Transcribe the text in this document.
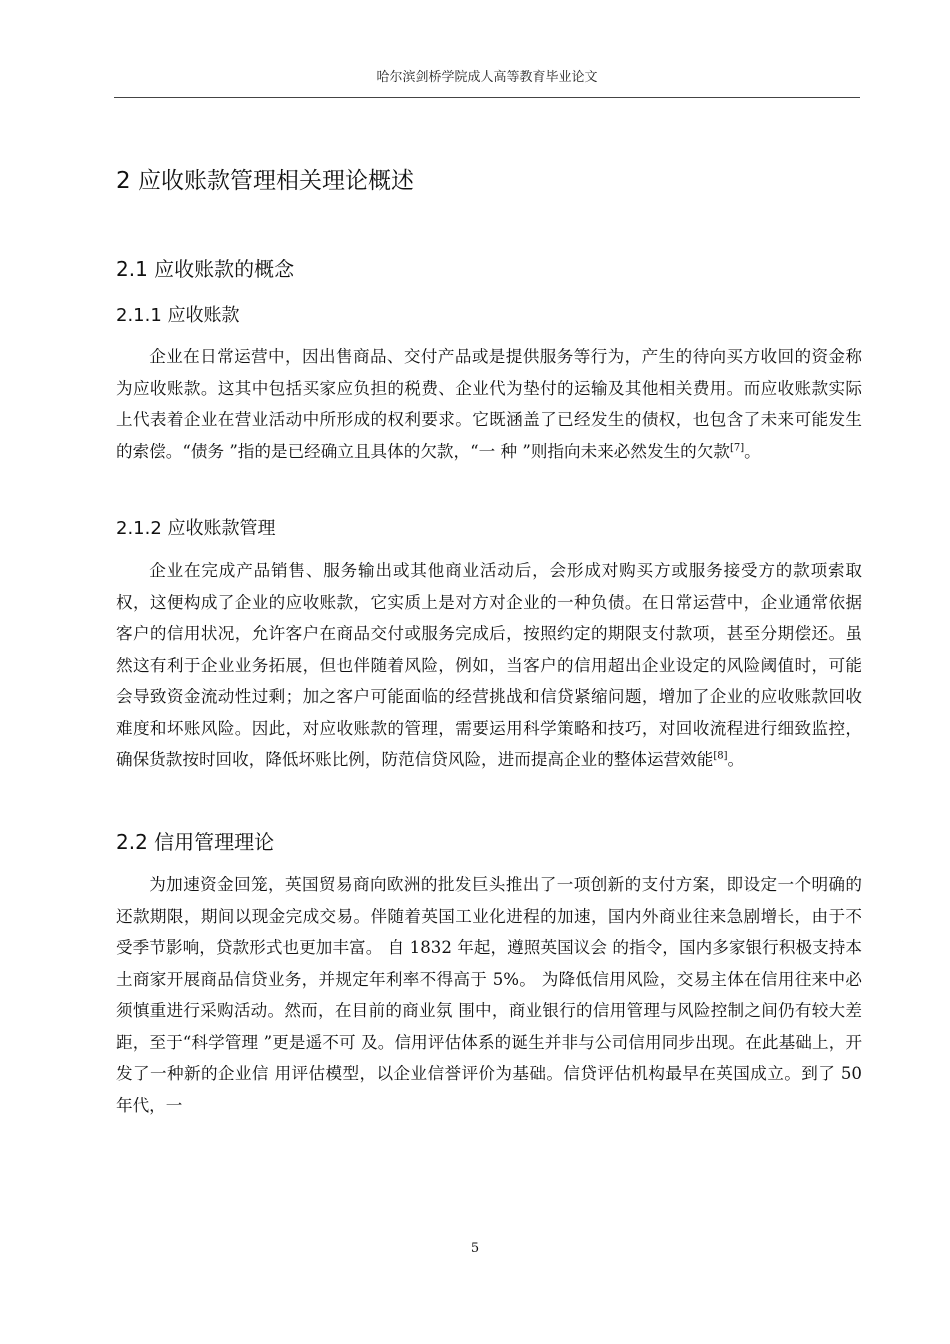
哈尔滨剑桥学院成人高等教育毕业论文
2 应收账款管理相关理论概述
2.1 应收账款的概念
2.1.1 应收账款

企业在日常运营中，因出售商品、交付产品或是提供服务等行为，产生的待向买方收回的资金称为应收账款。这其中包括买家应负担的税费、企业代为垫付的运输及其他相关费用。而应收账款实际上代表着企业在营业活动中所形成的权利要求。它既涵盖了已经发生的债权，也包含了未来可能发生的索偿。“债务 ”指的是已经确立且具体的欠款，“一 种 ”则指向未来必然发生的欠款[7]。

2.1.2 应收账款管理

企业在完成产品销售、服务输出或其他商业活动后，会形成对购买方或服务接受方的款项索取权，这便构成了企业的应收账款，它实质上是对方对企业的一种负债。在日常运营中，企业通常依据客户的信用状况，允许客户在商品交付或服务完成后，按照约定的期限支付款项，甚至分期偿还。虽然这有利于企业业务拓展，但也伴随着风险，例如，当客户的信用超出企业设定的风险阈值时，可能会导致资金流动性过剩；加之客户可能面临的经营挑战和信贷紧缩问题，增加了企业的应收账款回收难度和坏账风险。因此，对应收账款的管理，需要运用科学策略和技巧，对回收流程进行细致监控，确保货款按时回收，降低坏账比例，防范信贷风险，进而提高企业的整体运营效能[8]。

2.2 信用管理理论

为加速资金回笼，英国贸易商向欧洲的批发巨头推出了一项创新的支付方案，即设定一个明确的还款期限，期间以现金完成交易。伴随着英国工业化进程的加速，国内外商业往来急剧增长，由于不受季节影响，贷款形式也更加丰富。 自 1832 年起，遵照英国议会 的指令，国内多家银行积极支持本土商家开展商品信贷业务，并规定年利率不得高于 5%。 为降低信用风险，交易主体在信用往来中必须慎重进行采购活动。然而，在目前的商业氛 围中，商业银行的信用管理与风险控制之间仍有较大差距，至于“科学管理 ”更是遥不可 及。信用评估体系的诞生并非与公司信用同步出现。在此基础上，开发了一种新的企业信 用评估模型，以企业信誉评价为基础。信贷评估机构最早在英国成立。到了 50 年代，一

5
